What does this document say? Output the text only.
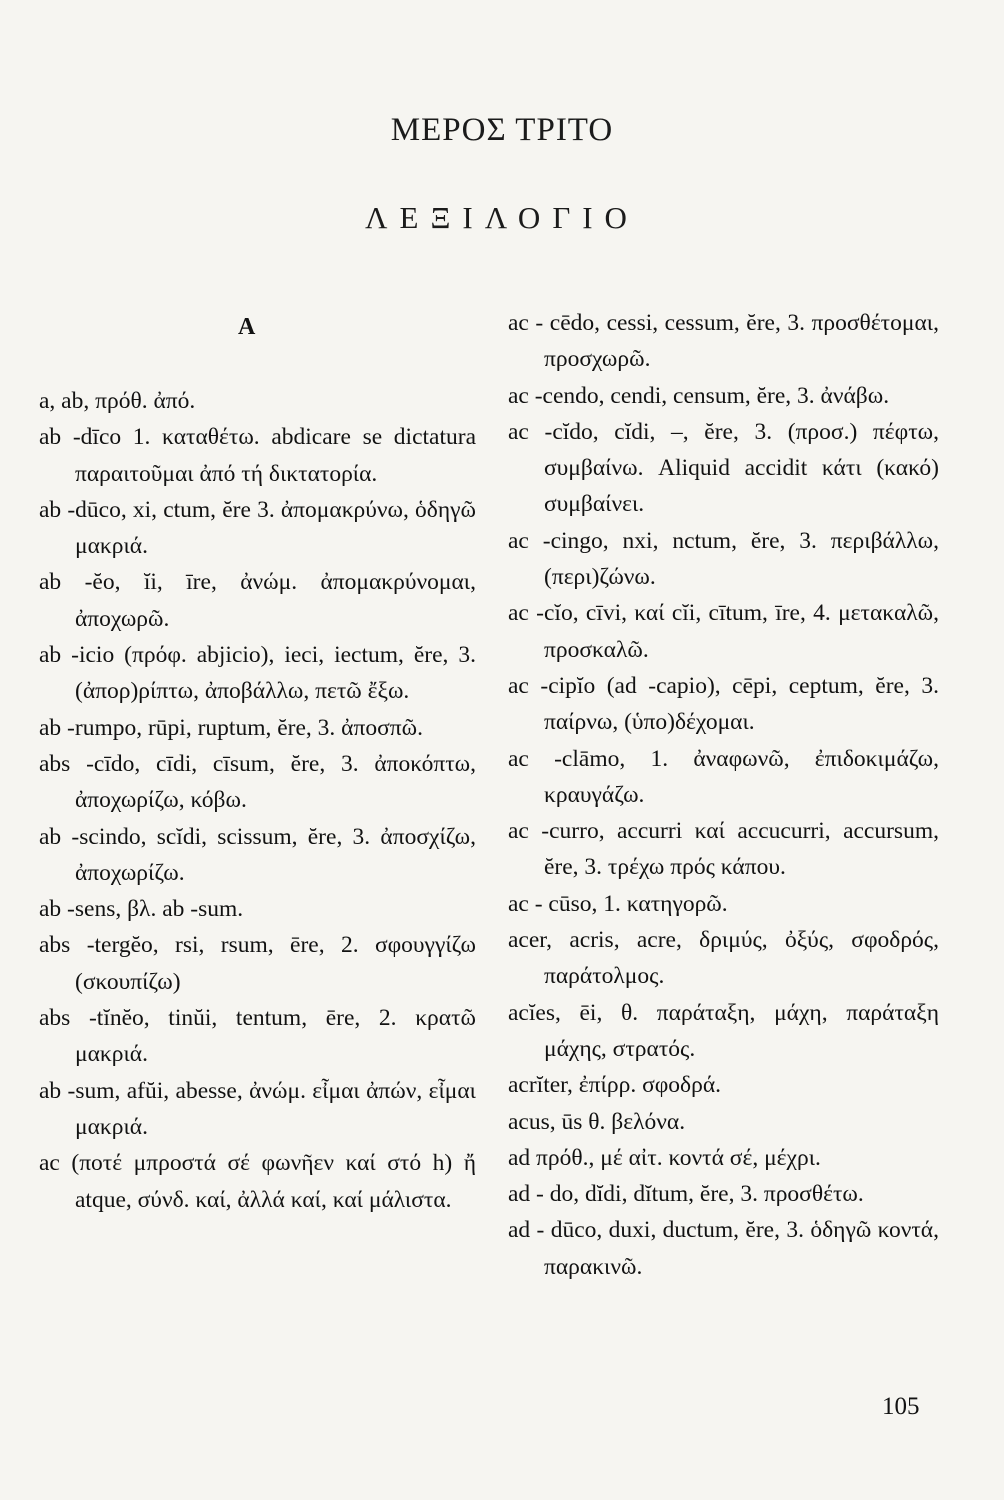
ΜΕΡΟΣ ΤΡΙΤΟ
ΛΕΞΙΛΟΓΙΟ
Α

a, ab, πρόθ. ἀπό.

ab -dīco 1. καταθέτω. abdicare se dictatura παραιτοῦμαι ἀπό τή δικτατορία.

ab -dūco, xi, ctum, ĕre 3. ἀπομακρύνω, ὁδηγῶ μακριά.

ab -ĕo, ĭi, īre, ἀνώμ. ἀπομακρύνομαι, ἀποχωρῶ.

ab -icio (πρόφ. abjicio), ieci, iectum, ĕre, 3. (ἀπορ)ρίπτω, ἀποβάλλω, πετῶ ἔξω.

ab -rumpo, rūpi, ruptum, ĕre, 3. ἀποσπῶ.

abs -cīdo, cīdi, cīsum, ĕre, 3. ἀποκόπτω, ἀποχωρίζω, κόβω.

ab -scindo, scĭdi, scissum, ĕre, 3. ἀποσχίζω, ἀποχωρίζω.

ab -sens, βλ. ab -sum.

abs -tergĕo, rsi, rsum, ēre, 2. σφουγγίζω (σκουπίζω)

abs -tĭnĕo, tinŭi, tentum, ēre, 2. κρατῶ μακριά.

ab -sum, afŭi, abesse, ἀνώμ. εἶμαι ἀπών, εἶμαι μακριά.

ac (ποτέ μπροστά σέ φωνῆεν καί στό h) ἤ atque, σύνδ. καί, ἀλλά καί, καί μάλιστα.

ac - cēdo, cessi, cessum, ĕre, 3. προσθέτομαι, προσχωρῶ.

ac -cendo, cendi, censum, ĕre, 3. ἀνάβω.

ac -cĭdo, cĭdi, –, ĕre, 3. (προσ.) πέφτω, συμβαίνω. Aliquid accidit κάτι (κακό) συμβαίνει.

ac -cingo, nxi, nctum, ĕre, 3. περιβάλλω, (περι)ζώνω.

ac -cĭo, cīvi, καί cĭi, cītum, īre, 4. μετακαλῶ, προσκαλῶ.

ac -cipĭo (ad -capio), cēpi, ceptum, ĕre, 3. παίρνω, (ὑπο)δέχομαι.

ac -clāmo, 1. ἀναφωνῶ, ἐπιδοκιμάζω, κραυγάζω.

ac -curro, accurri καί accucurri, accursum, ĕre, 3. τρέχω πρός κάπου.

ac - cūso, 1. κατηγορῶ.

acer, acris, acre, δριμύς, ὀξύς, σφοδρός, παράτολμος.

acĭes, ēi, θ. παράταξη, μάχη, παράταξη μάχης, στρατός.

acrĭter, ἐπίρρ. σφοδρά.

acus, ūs θ. βελόνα.

ad πρόθ., μέ αἰτ. κοντά σέ, μέχρι.

ad - do, dĭdi, dĭtum, ĕre, 3. προσθέτω.

ad - dūco, duxi, ductum, ĕre, 3. ὁδηγῶ κοντά, παρακινῶ.

105
